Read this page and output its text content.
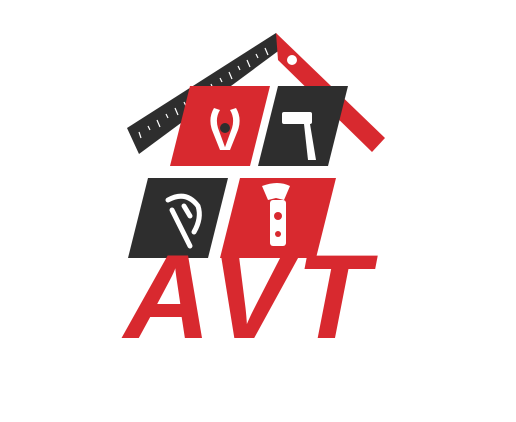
A V T
